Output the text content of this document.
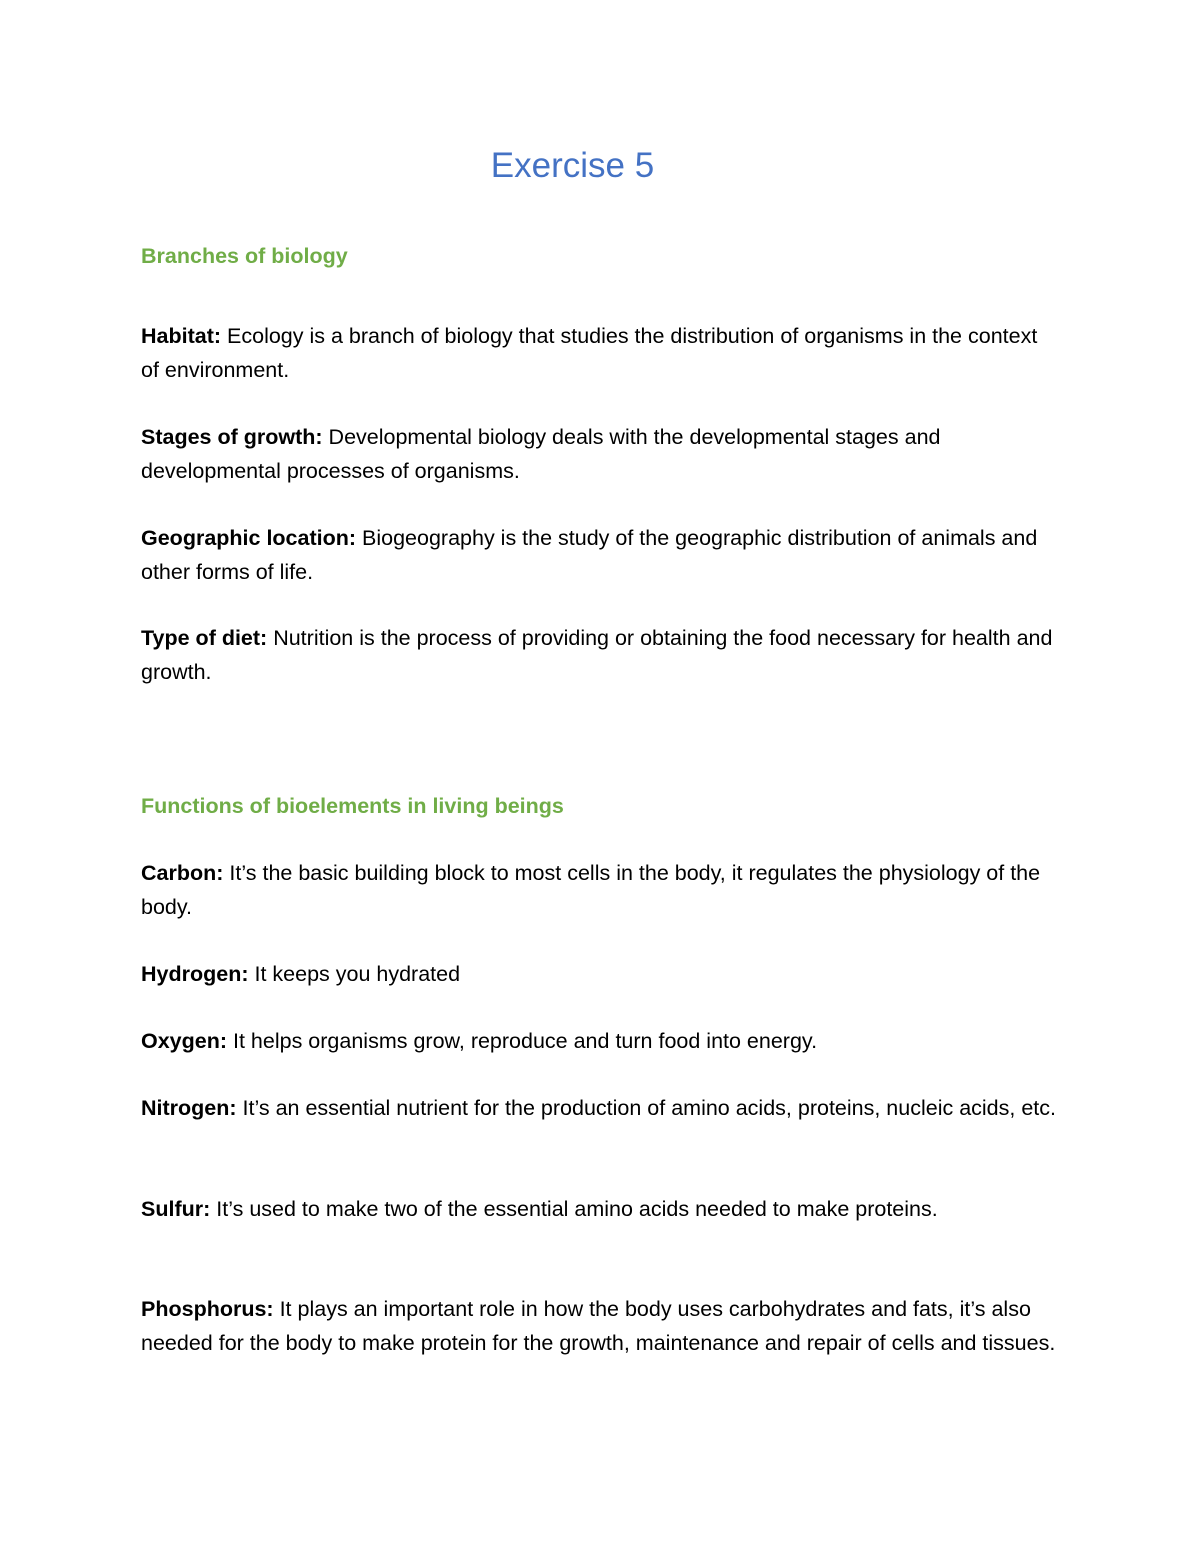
Exercise 5
Branches of biology
Habitat: Ecology is a branch of biology that studies the distribution of organisms in the context of environment.
Stages of growth: Developmental biology deals with the developmental stages and developmental processes of organisms.
Geographic location: Biogeography is the study of the geographic distribution of animals and other forms of life.
Type of diet: Nutrition is the process of providing or obtaining the food necessary for health and growth.
Functions of bioelements in living beings
Carbon: It’s the basic building block to most cells in the body, it regulates the physiology of the body.
Hydrogen: It keeps you hydrated
Oxygen: It helps organisms grow, reproduce and turn food into energy.
Nitrogen: It’s an essential nutrient for the production of amino acids, proteins, nucleic acids, etc.
Sulfur: It’s used to make two of the essential amino acids needed to make proteins.
Phosphorus: It plays an important role in how the body uses carbohydrates and fats, it’s also needed for the body to make protein for the growth, maintenance and repair of cells and tissues.
